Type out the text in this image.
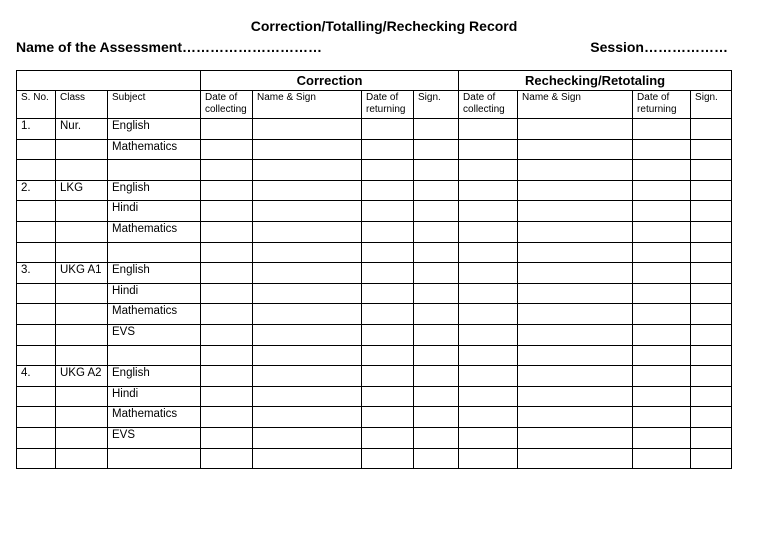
Correction/Totalling/Rechecking Record
Name of the Assessment…………………………	Session………………
			Correction				Rechecking/Retotaling			
S. No.	Class	Subject	Date of collecting	Name & Sign	Date of returning	Sign.	Date of collecting	Name & Sign	Date of returning	Sign.
1.	Nur.	English								
		Mathematics								

2.	LKG	English								
		Hindi								
		Mathematics								

3.	UKG A1	English								
		Hindi								
		Mathematics								
		EVS								

4.	UKG A2	English								
		Hindi								
		Mathematics								
		EVS								
